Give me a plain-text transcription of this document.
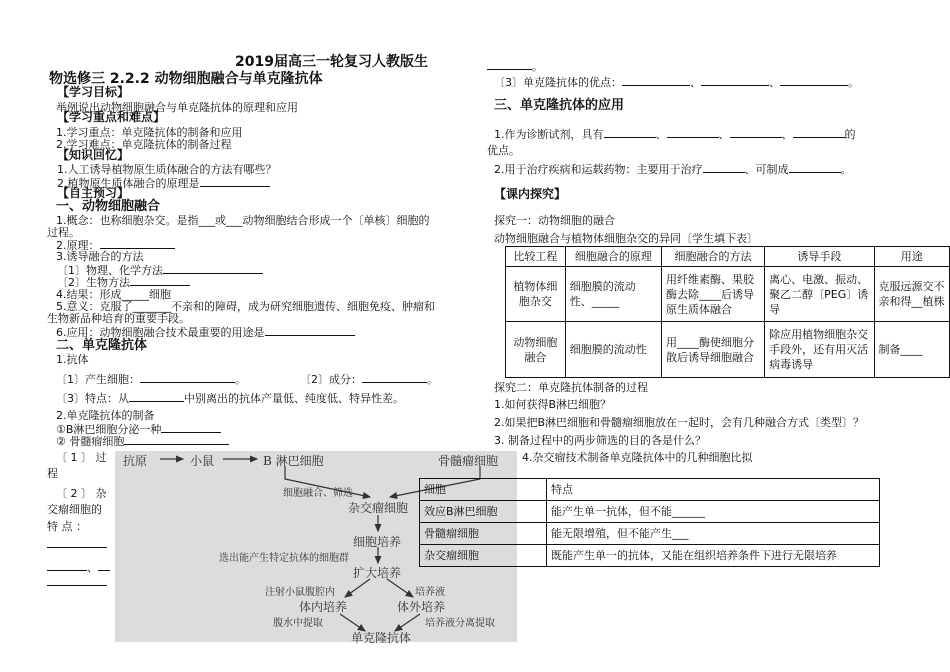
2019届高三一轮复习人教版生
物选修三 2.2.2 动物细胞融合与单克隆抗体
【学习目标】
举例说出动物细胞融合与单克隆抗体的原理和应用
【学习重点和难点】
1.学习重点：单克隆抗体的制备和应用
2.学习难点：单克隆抗体的制备过程
【知识回忆】
1.人工诱导植物原生质体融合的方法有哪些？
2.植物原生质体融合的原理是
【自主预习】
一、动物细胞融合
1.概念：也称细胞杂交。是指___或___动物细胞结合形成一个〔单核〕细胞的
过程。
2.原理：
3.诱导融合的方法
〔1〕物理、化学方法
〔2〕生物方法
4.结果：形成_____细胞
5.意义：克服了_______不亲和的障碍，成为研究细胞遗传、细胞免疫、肿瘤和
生物新品种培育的重要手段。
6.应用：动物细胞融合技术最重要的用途是
二、单克隆抗体
1.抗体
〔1〕产生细胞：	。	〔2〕成分：	。
〔3〕特点：从	中别离出的抗体产量低、纯度低、特异性差。
2.单克隆抗体的制备
①B淋巴细胞分泌一种
② 骨髓瘤细胞
〔 1 〕 过
程
〔 2 〕 杂
交瘤细胞的
特 点 ：
、
抗原	小鼠	B 淋巴细胞	骨髓瘤细胞
细胞融合、筛选
杂交瘤细胞
细胞培养
选出能产生特定抗体的细胞群
扩大培养
注射小鼠腹腔内	培养液
体内培养	体外培养
腹水中提取	培养液分离提取
单克隆抗体
。
〔3〕单克隆抗体的优点：	、	、	。
三、单克隆抗体的应用
1.作为诊断试剂，具有	、	、	、	的
优点。
2.用于治疗疾病和运载药物：主要用于治疗	、可制成	。
【课内探究】
探究一：动物细胞的融合
动物细胞融合与植物体细胞杂交的异同〔学生填下表〕
比较工程	细胞融合的原理	细胞融合的方法	诱导手段	用途
植物体细胞杂交	细胞膜的流动性、_____	用纤维素酶、果胶酶去除____后诱导原生质体融合	离心、电激、振动、聚乙二醇〔PEG〕诱导	克服远源交不亲和得__植株
动物细胞融合	细胞膜的流动性	用____酶使细胞分散后诱导细胞融合	除应用植物细胞杂交手段外，还有用灭活病毒诱导	制备____
探究二：单克隆抗体制备的过程
1.如何获得B淋巴细胞？
2.如果把B淋巴细胞和骨髓瘤细胞放在一起时，会有几种融合方式〔类型〕？
3. 制备过程中的两步筛选的目的各是什么？
4.杂交瘤技术制备单克隆抗体中的几种细胞比拟
细胞	特点
效应B淋巴细胞	能产生单一抗体，但不能______
骨髓瘤细胞	能无限增殖，但不能产生___
杂交瘤细胞	既能产生单一的抗体，又能在组织培养条件下进行无限培养
